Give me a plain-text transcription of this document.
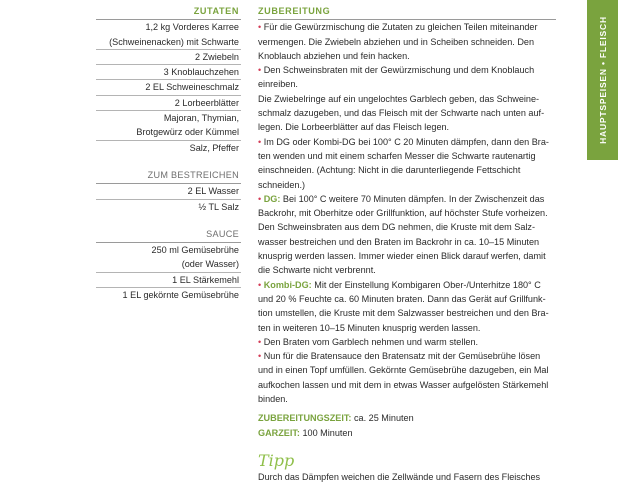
ZUTATEN
1,2 kg Vorderes Karree
(Schweinenacken) mit Schwarte
2 Zwiebeln
3 Knoblauchzehen
2 EL Schweineschmalz
2 Lorbeerblätter
Majoran, Thymian,
Brotgewürz oder Kümmel
Salz, Pfeffer
ZUM BESTREICHEN
2 EL Wasser
½ TL Salz
SAUCE
250 ml Gemüsebrühe
(oder Wasser)
1 EL Stärkemehl
1 EL gekörnte Gemüsebrühe
ZUBEREITUNG
• Für die Gewürzmischung die Zutaten zu gleichen Teilen miteinander
vermengen. Die Zwiebeln abziehen und in Scheiben schneiden. Den
Knoblauch abziehen und fein hacken.
• Den Schweinsbraten mit der Gewürzmischung und dem Knoblauch
einreiben.
Die Zwiebelringe auf ein ungelochtes Garblech geben, das Schweine-
schmalz dazugeben, und das Fleisch mit der Schwarte nach unten auf-
legen. Die Lorbeerblätter auf das Fleisch legen.
• Im DG oder Kombi-DG bei 100° C 20 Minuten dämpfen, dann den Bra-
ten wenden und mit einem scharfen Messer die Schwarte rautenartig
einschneiden. (Achtung: Nicht in die darunterliegende Fettschicht
schneiden.)
• DG: Bei 100° C weitere 70 Minuten dämpfen. In der Zwischenzeit das
Backrohr, mit Oberhitze oder Grillfunktion, auf höchster Stufe vorheizen.
Den Schweinsbraten aus dem DG nehmen, die Kruste mit dem Salz-
wasser bestreichen und den Braten im Backrohr in ca. 10–15 Minuten
knusprig werden lassen. Immer wieder einen Blick darauf werfen, damit
die Schwarte nicht verbrennt.
• Kombi-DG: Mit der Einstellung Kombigaren Ober-/Unterhitze 180° C
und 20 % Feuchte ca. 60 Minuten braten. Dann das Gerät auf Grillfunk-
tion umstellen, die Kruste mit dem Salzwasser bestreichen und den Bra-
ten in weiteren 10–15 Minuten knusprig werden lassen.
• Den Braten vom Garblech nehmen und warm stellen.
• Nun für die Bratensauce den Bratensatz mit der Gemüsebrühe lösen
und in einen Topf umfüllen. Gekörnte Gemüsebrühe dazugeben, ein Mal
aufkochen lassen und mit dem in etwas Wasser aufgelösten Stärkemehl
binden.
ZUBEREITUNGSZEIT: ca. 25 Minuten
GARZEIT: 100 Minuten
Tipp
Durch das Dämpfen weichen die Zellwände und Fasern des Fleisches
HAUPTSPEISEN • FLEISCH
